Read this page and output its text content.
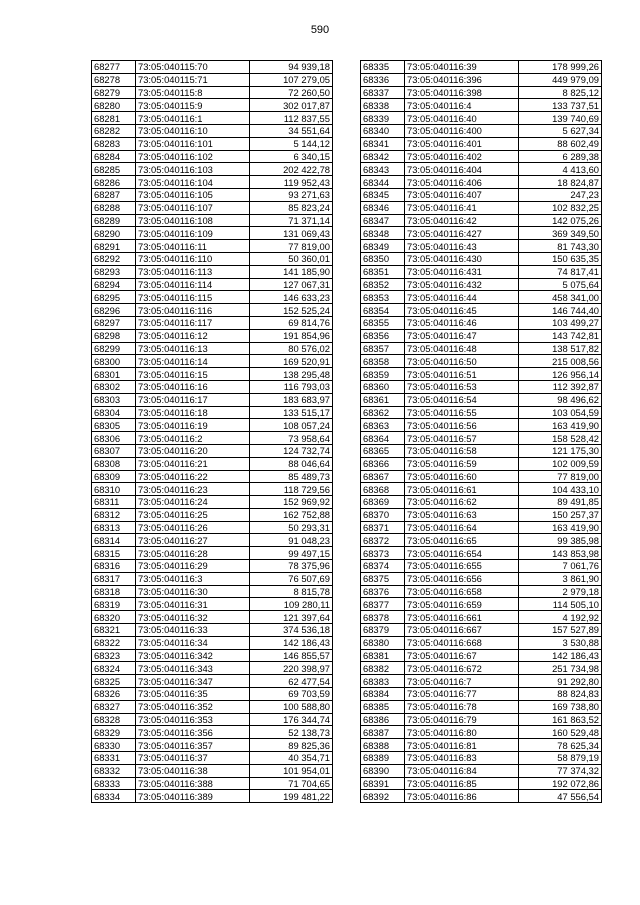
590
68277	73:05:040115:70	94 939,18
68278	73:05:040115:71	107 279,05
68279	73:05:040115:8	72 260,50
68280	73:05:040115:9	302 017,87
68281	73:05:040116:1	112 837,55
68282	73:05:040116:10	34 551,64
68283	73:05:040116:101	5 144,12
68284	73:05:040116:102	6 340,15
68285	73:05:040116:103	202 422,78
68286	73:05:040116:104	119 952,43
68287	73:05:040116:105	93 271,63
68288	73:05:040116:107	85 823,24
68289	73:05:040116:108	71 371,14
68290	73:05:040116:109	131 069,43
68291	73:05:040116:11	77 819,00
68292	73:05:040116:110	50 360,01
68293	73:05:040116:113	141 185,90
68294	73:05:040116:114	127 067,31
68295	73:05:040116:115	146 633,23
68296	73:05:040116:116	152 525,24
68297	73:05:040116:117	69 814,76
68298	73:05:040116:12	191 854,96
68299	73:05:040116:13	80 576,02
68300	73:05:040116:14	169 520,91
68301	73:05:040116:15	138 295,48
68302	73:05:040116:16	116 793,03
68303	73:05:040116:17	183 683,97
68304	73:05:040116:18	133 515,17
68305	73:05:040116:19	108 057,24
68306	73:05:040116:2	73 958,64
68307	73:05:040116:20	124 732,74
68308	73:05:040116:21	88 046,64
68309	73:05:040116:22	85 489,73
68310	73:05:040116:23	118 729,56
68311	73:05:040116:24	152 969,92
68312	73:05:040116:25	162 752,88
68313	73:05:040116:26	50 293,31
68314	73:05:040116:27	91 048,23
68315	73:05:040116:28	99 497,15
68316	73:05:040116:29	78 375,96
68317	73:05:040116:3	76 507,69
68318	73:05:040116:30	8 815,78
68319	73:05:040116:31	109 280,11
68320	73:05:040116:32	121 397,64
68321	73:05:040116:33	374 536,18
68322	73:05:040116:34	142 186,43
68323	73:05:040116:342	146 855,57
68324	73:05:040116:343	220 398,97
68325	73:05:040116:347	62 477,54
68326	73:05:040116:35	69 703,59
68327	73:05:040116:352	100 588,80
68328	73:05:040116:353	176 344,74
68329	73:05:040116:356	52 138,73
68330	73:05:040116:357	89 825,36
68331	73:05:040116:37	40 354,71
68332	73:05:040116:38	101 954,01
68333	73:05:040116:388	71 704,65
68334	73:05:040116:389	199 481,22
68335	73:05:040116:39	178 999,26
68336	73:05:040116:396	449 979,09
68337	73:05:040116:398	8 825,12
68338	73:05:040116:4	133 737,51
68339	73:05:040116:40	139 740,69
68340	73:05:040116:400	5 627,34
68341	73:05:040116:401	88 602,49
68342	73:05:040116:402	6 289,38
68343	73:05:040116:404	4 413,60
68344	73:05:040116:406	18 824,87
68345	73:05:040116:407	247,23
68346	73:05:040116:41	102 832,25
68347	73:05:040116:42	142 075,26
68348	73:05:040116:427	369 349,50
68349	73:05:040116:43	81 743,30
68350	73:05:040116:430	150 635,35
68351	73:05:040116:431	74 817,41
68352	73:05:040116:432	5 075,64
68353	73:05:040116:44	458 341,00
68354	73:05:040116:45	146 744,40
68355	73:05:040116:46	103 499,27
68356	73:05:040116:47	143 742,81
68357	73:05:040116:48	138 517,82
68358	73:05:040116:50	215 008,56
68359	73:05:040116:51	126 956,14
68360	73:05:040116:53	112 392,87
68361	73:05:040116:54	98 496,62
68362	73:05:040116:55	103 054,59
68363	73:05:040116:56	163 419,90
68364	73:05:040116:57	158 528,42
68365	73:05:040116:58	121 175,30
68366	73:05:040116:59	102 009,59
68367	73:05:040116:60	77 819,00
68368	73:05:040116:61	104 433,10
68369	73:05:040116:62	89 491,85
68370	73:05:040116:63	150 257,37
68371	73:05:040116:64	163 419,90
68372	73:05:040116:65	99 385,98
68373	73:05:040116:654	143 853,98
68374	73:05:040116:655	7 061,76
68375	73:05:040116:656	3 861,90
68376	73:05:040116:658	2 979,18
68377	73:05:040116:659	114 505,10
68378	73:05:040116:661	4 192,92
68379	73:05:040116:667	157 527,89
68380	73:05:040116:668	3 530,88
68381	73:05:040116:67	142 186,43
68382	73:05:040116:672	251 734,98
68383	73:05:040116:7	91 292,80
68384	73:05:040116:77	88 824,83
68385	73:05:040116:78	169 738,80
68386	73:05:040116:79	161 863,52
68387	73:05:040116:80	160 529,48
68388	73:05:040116:81	78 625,34
68389	73:05:040116:83	58 879,19
68390	73:05:040116:84	77 374,32
68391	73:05:040116:85	192 072,86
68392	73:05:040116:86	47 556,54
